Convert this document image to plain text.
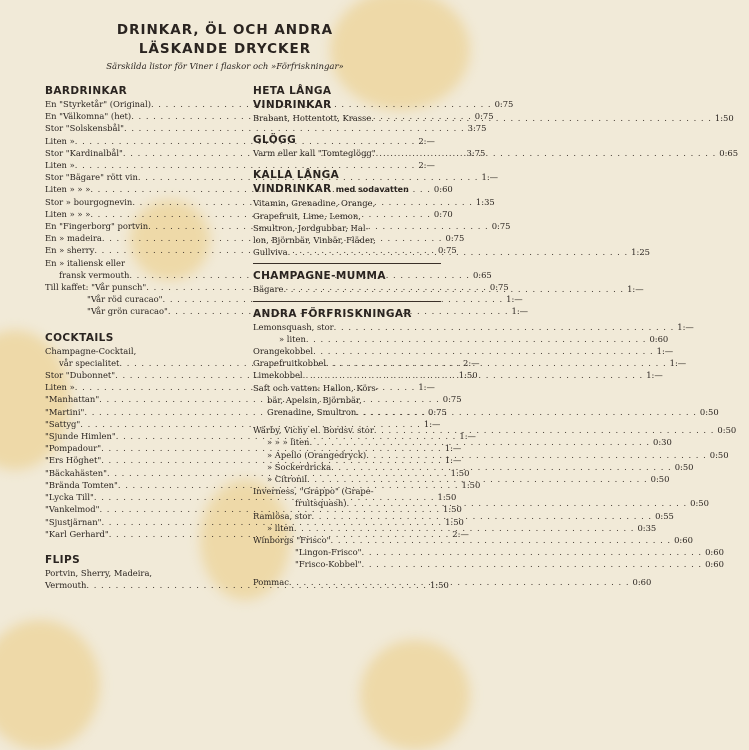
DRINKAR, ÖL OCH ANDRA
LÄSKANDE DRYCKER
Särskilda listor för Viner i flaskor och »Förfriskningar»
BARDRINKAR
En "Styrketår" (Original) . . .	0:75
En "Välkomna" (het) . . .	0:75
Stor "Solskensbål" . . .	3:75
Liten » . . .	2:—
Stor "Kardinalbål" . . .	3:75
Liten » . . .	2:—
Stor "Bägare" rött vin . . .	1:—
Liten » » » . . .	0:60
Stor » bourgognevin . . .	1:35
Liten » » » . . .	0:70
En "Fingerborg" portvin . . .	0:75
En » madeira . . .	0:75
En » sherry . . .	0:75
En » italiensk eller
fransk vermouth . . .	0:65
Till kaffet: "Vår punsch" . . .	0:75
"Vår röd curacao" . . .	1:—
"Vår grön curacao" . . .	1:—
COCKTAILS
Champagne-Cocktail,
vår specialitet . . .	2:—
Stor "Dubonnet" . . .	1:50
Liten » . . .	1:—
"Manhattan" . . .	0:75
"Martini" . . .	0:75
"Sattyg" . . .	1:—
"Sjunde Himlen" . . .	1:—
"Pompadour" . . .	1:—
"Ers Höghet" . . .	1:—
"Bäckahästen" . . .	1:50
"Brända Tomten" . . .	1:50
"Lycka Till" . . .	1:50
"Vankelmod" . . .	1:50
"Sjustjärnan" . . .	1:50
"Karl Gerhard" . . .	2:—
FLIPS
Portvin, Sherry, Madeira,
Vermouth . . .	1:50
HETA LÅNGA
VINDRINKAR
Brabant, Hottentott, Krasse . . .	1:50
GLÖGG
Varm eller kall "Tomteglögg" . . .	0:65
KALLA LÅNGA
VINDRINKAR med sodavatten
Vitamin, Grenadine, Orange,
Grapefruit, Lime, Lemon,
Smultron, Jordgubbar, Hal-
lon, Björnbär, Vinbär, Fläder,
Gullviva . . .	1:25
CHAMPAGNE-MUMMA
Bägare . . .	1:—
ANDRA FÖRFRISKNINGAR
Lemonsquash, stor . . .	1:—
» liten . . .	0:60
Orangekobbel . . .	1:—
Grapefruitkobbel . . .	1:—
Limekobbel . . .	1:—
Saft och vatten: Hallon, Körs-
bär, Apelsin, Björnbär,
Grenadine, Smultron . . .	0:50
Wärby, Vichy el. Bordsv. stor . . .	0:50
» » » liten . . .	0:30
» Apello (Orangedryck) . . .	0:50
» Sockerdricka . . .	0:50
» Citronil . . .	0:50
Inverness, "Grappo" (Grape-
fruitsquash) . . .	0:50
Ramlösa, stor . . .	0:55
» liten . . .	0:35
Winborgs "Frisco" . . .	0:60
"Lingon-Frisco" . . .	0:60
"Frisco-Kobbel" . . .	0:60
Pommac . . .	0:60
